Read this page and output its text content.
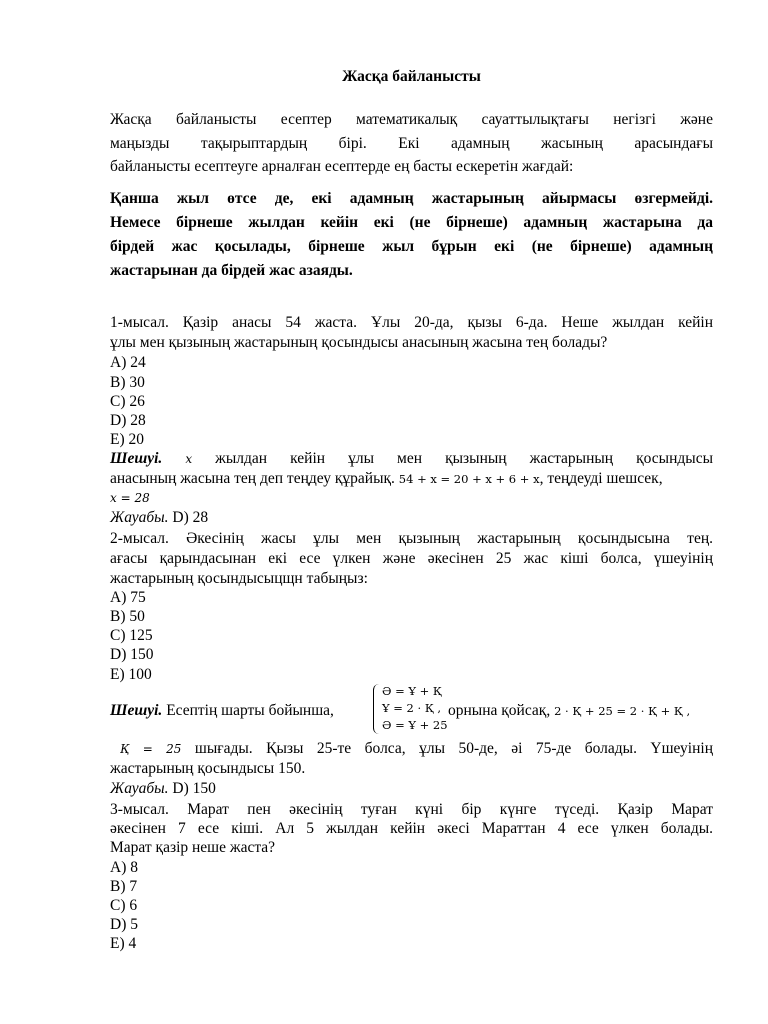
Жасқа байланысты
Жасқа байланысты есептер математикалық сауаттылықтағы негізгі және
маңызды тақырыптардың бірі. Екі адамның жасының арасындағы
байланысты есептеуге арналған есептерде ең басты ескеретін жағдай:
Қанша жыл өтсе де, екі адамның жастарының айырмасы өзгермейді.
Немесе бірнеше жылдан кейін екі (не бірнеше) адамның жастарына да
бірдей жас қосылады, бірнеше жыл бұрын екі (не бірнеше) адамның
жастарынан да бірдей жас азаяды.
1-мысал. Қазір анасы 54 жаста. Ұлы 20-да, қызы 6-да. Неше жылдан кейін
ұлы мен қызының жастарының қосындысы анасының жасына тең болады?
A) 24
B) 30
C) 26
D) 28
E) 20
Шешуі. x жылдан кейін ұлы мен қызының жастарының қосындысы
анасының жасына тең деп теңдеу құрайық. 54 + x = 20 + x + 6 + x, теңдеуді шешсек,
x = 28
Жауабы. D) 28
2-мысал. Әкесінің жасы ұлы мен қызының жастарының қосындысына тең.
ағасы қарындасынан екі есе үлкен және әкесінен 25 жас кіші болса, үшеуінің
жастарының қосындысыцщн табыңыз:
A) 75
B) 50
C) 125
D) 150
E) 100
Шешуі. Есептің шарты бойынша,
Ә = Ұ + Қ
Ұ = 2 · Қ ,
Ә = Ұ + 25
орнына қойсақ, 2 · Қ + 25 = 2 · Қ + Қ ,
Қ = 25 шығады. Қызы 25-те болса, ұлы 50-де, әі 75-де болады. Үшеуінің
жастарының қосындысы 150.
Жауабы. D) 150
3-мысал. Марат пен әкесінің туған күні бір күнге түседі. Қазір Марат
әкесінен 7 есе кіші. Ал 5 жылдан кейін әкесі Мараттан 4 есе үлкен болады.
Марат қазір неше жаста?
A) 8
B) 7
C) 6
D) 5
E) 4
